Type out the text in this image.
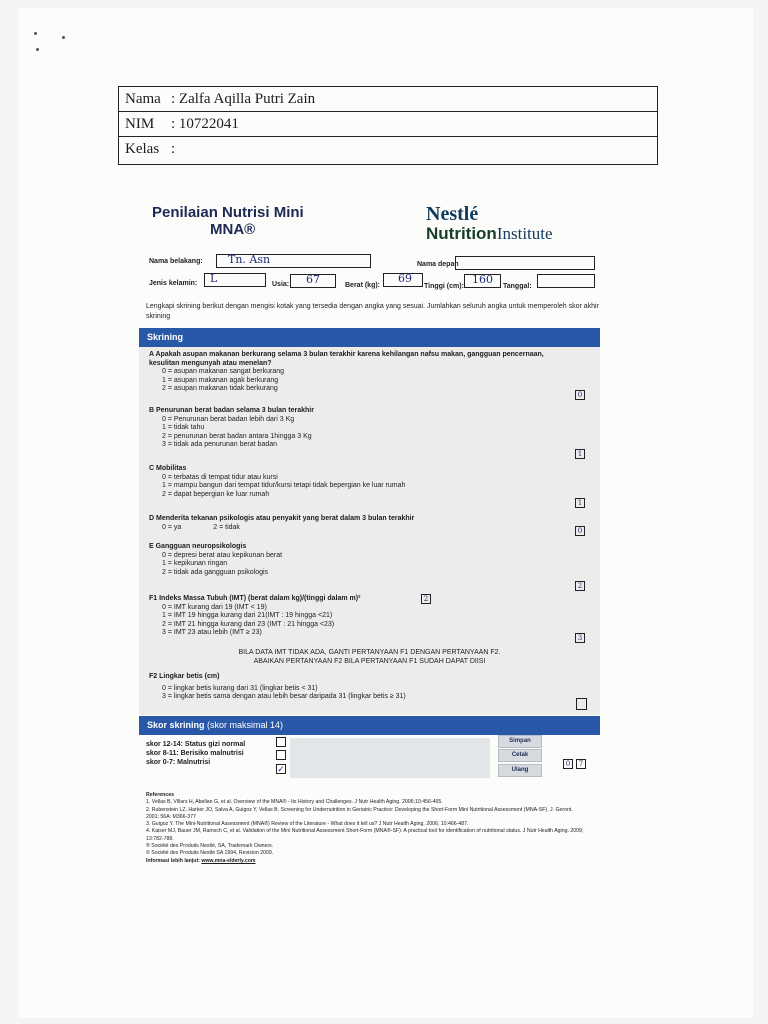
Nama : Zalfa Aqilla Putri Zain
NIM : 10722041
Kelas :
Penilaian Nutrisi Mini
MNA®
Nestlé
NutritionInstitute
Nama belakang: Tn. Asn	Nama depan
Jenis kelamin: L	Usia: 67	Berat (kg):
69
Tinggi (cm):
160
Tanggal:
Lengkapi skrining berikut dengan mengisi kotak yang tersedia dengan angka yang sesuai. Jumlahkan seluruh angka untuk memperoleh skor akhir skrining
Skrining
A Apakah asupan makanan berkurang selama 3 bulan terakhir karena kehilangan nafsu makan, gangguan pencernaan, kesulitan mengunyah atau menelan?
0 = asupan makanan sangat berkurang
1 = asupan makanan agak berkurang
2 = asupan makanan tidak berkurang
0
B Penurunan berat badan selama 3 bulan terakhir
0 = Penurunan berat badan lebih dari 3 Kg
1 = tidak tahu
2 = penurunan berat badan antara 1hingga 3 Kg
3 = tidak ada penurunan berat badan
1
C Mobilitas
0 = terbatas di tempat tidur atau kursi
1 = mampu bangun dari tempat tidur/kursi tetapi tidak bepergian ke luar rumah
2 = dapat bepergian ke luar rumah
1
D Menderita tekanan psikologis atau penyakit yang berat dalam 3 bulan terakhir
0 = ya	2 = tidak	0
E Gangguan neuropsikologis
0 = depresi berat atau kepikunan berat
1 = kepikunan ringan
2 = tidak ada gangguan psikologis
2
F1 Indeks Massa Tubuh (IMT) (berat dalam kg)/(tinggi dalam m)²
0 = IMT kurang dari 19 (IMT < 19)
1 = IMT 19 hingga kurang dari 21(IMT : 19 hingga <21)
2 = IMT 21 hingga kurang dari 23 (IMT : 21 hingga <23)
3 = IMT 23 atau lebih (IMT ≥ 23)
2
3
BILA DATA IMT TIDAK ADA, GANTI PERTANYAAN F1 DENGAN PERTANYAAN F2.
ABAIKAN PERTANYAAN F2 BILA PERTANYAAN F1 SUDAH DAPAT DIISI
F2 Lingkar betis (cm)
0 = lingkar betis kurang dari 31 (lingkar betis < 31)
3 = lingkar betis sama dengan atau lebih besar daripada 31 (lingkar betis ≥ 31)
Skor skrining (skor maksimal 14)
skor 12-14: Status gizi normal
skor 8-11: Berisiko malnutrisi
skor 0-7: Malnutrisi
✓
Simpan
Cetak
Ulang
0	7
References
1. Vellas B, Villars H, Abellan G, et al. Overview of the MNA® - Its History and Challenges. J Nutr Health Aging. 2006;10:456-465.
2. Rubenstein LZ, Harker JO, Salva A, Guigoz Y, Vellas B. Screening for Undernutrition in Geriatric Practice: Developing the Short-Form Mini Nutritional Assessment (MNA-SF). J. Geront. 2001; 56A: M366-377
3. Guigoz Y. The Mini-Nutritional Assessment (MNA®) Review of the Literature - What does it tell us? J Nutr Health Aging. 2006; 10:466-487.
4. Kaiser MJ, Bauer JM, Ramsch C, et al. Validation of the Mini Nutritional Assessment Short-Form (MNA®-SF): A practical tool for identification of nutritional status. J Nutr Health Aging. 2009; 13:782-788.
® Société des Produits Nestlé, SA, Trademark Owners.
© Société des Produits Nestlé SA 1994, Revision 2009.
Informasi lebih lanjut: www.mna-elderly.com
